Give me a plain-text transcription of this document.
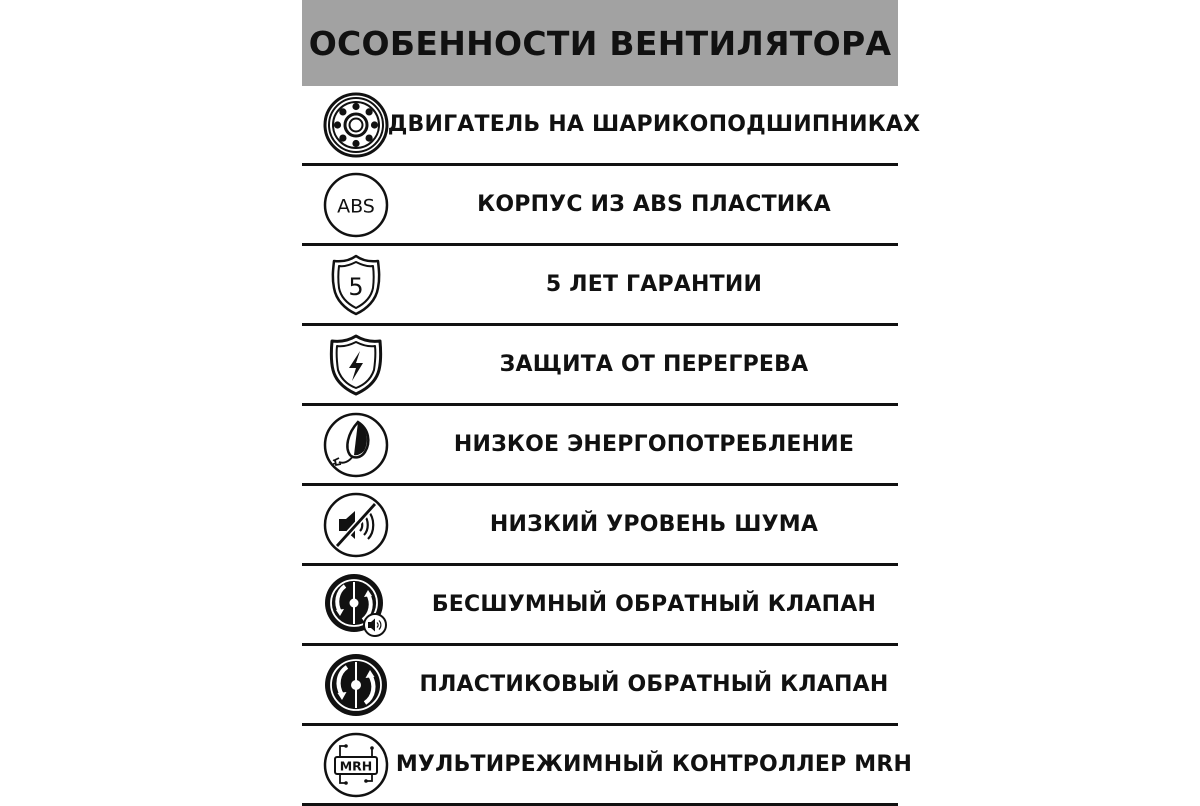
ОСОБЕННОСТИ ВЕНТИЛЯТОРА
ДВИГАТЕЛЬ НА ШАРИКОПОДШИПНИКАХ
ABS	КОРПУС ИЗ ABS ПЛАСТИКА
5	5 ЛЕТ ГАРАНТИИ
ЗАЩИТА ОТ ПЕРЕГРЕВА
НИЗКОЕ ЭНЕРГОПОТРЕБЛЕНИЕ
НИЗКИЙ УРОВЕНЬ ШУМА
БЕСШУМНЫЙ ОБРАТНЫЙ КЛАПАН
ПЛАСТИКОВЫЙ ОБРАТНЫЙ КЛАПАН
MRH МУЛЬТИРЕЖИМНЫЙ КОНТРОЛЛЕР MRH
